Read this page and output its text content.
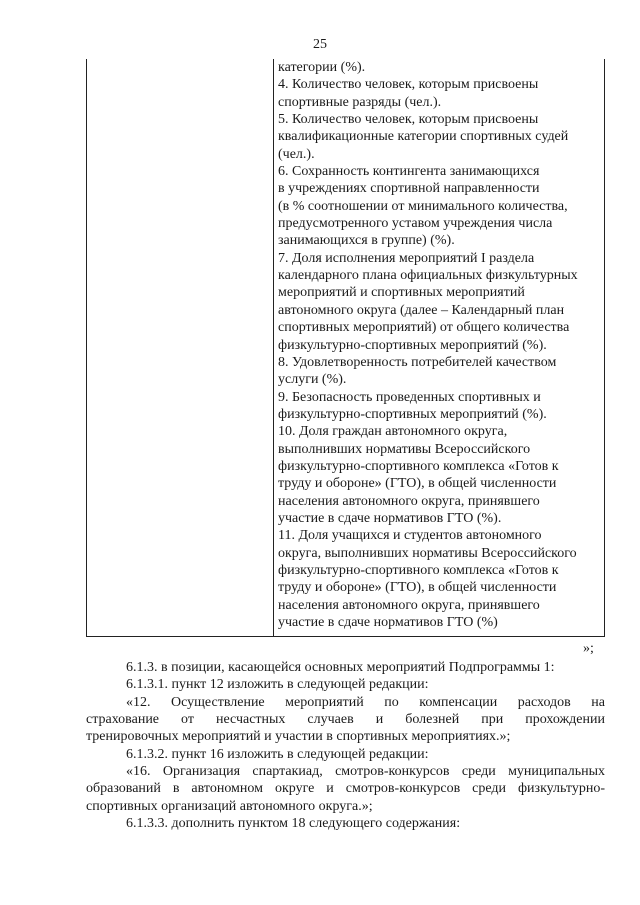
25
категории (%).
4. Количество человек, которым присвоены
спортивные разряды (чел.).
5. Количество человек, которым присвоены
квалификационные категории спортивных судей
(чел.).
6. Сохранность контингента занимающихся
в учреждениях спортивной направленности
(в % соотношении от минимального количества,
предусмотренного уставом учреждения числа
занимающихся в группе) (%).
7. Доля исполнения мероприятий I раздела
календарного плана официальных физкультурных
мероприятий и спортивных мероприятий
автономного округа (далее – Календарный план
спортивных мероприятий) от общего количества
физкультурно-спортивных мероприятий (%).
8. Удовлетворенность потребителей качеством
услуги (%).
9. Безопасность проведенных спортивных и
физкультурно-спортивных мероприятий (%).
10. Доля граждан автономного округа,
выполнивших нормативы Всероссийского
физкультурно-спортивного комплекса «Готов к
труду и обороне» (ГТО), в общей численности
населения автономного округа, принявшего
участие в сдаче нормативов ГТО (%).
11. Доля учащихся и студентов автономного
округа, выполнивших нормативы Всероссийского
физкультурно-спортивного комплекса «Готов к
труду и обороне» (ГТО), в общей численности
населения автономного округа, принявшего
участие в сдаче нормативов ГТО (%)
»;
6.1.3. в позиции, касающейся основных мероприятий Подпрограммы 1:
6.1.3.1. пункт 12 изложить в следующей редакции:
«12. Осуществление мероприятий по компенсации расходов на
страхование от несчастных случаев и болезней при прохождении
тренировочных мероприятий и участии в спортивных мероприятиях.»;
6.1.3.2. пункт 16 изложить в следующей редакции:
«16. Организация спартакиад, смотров-конкурсов среди муниципальных
образований в автономном округе и смотров-конкурсов среди физкультурно-
спортивных организаций автономного округа.»;
6.1.3.3. дополнить пунктом 18 следующего содержания:
